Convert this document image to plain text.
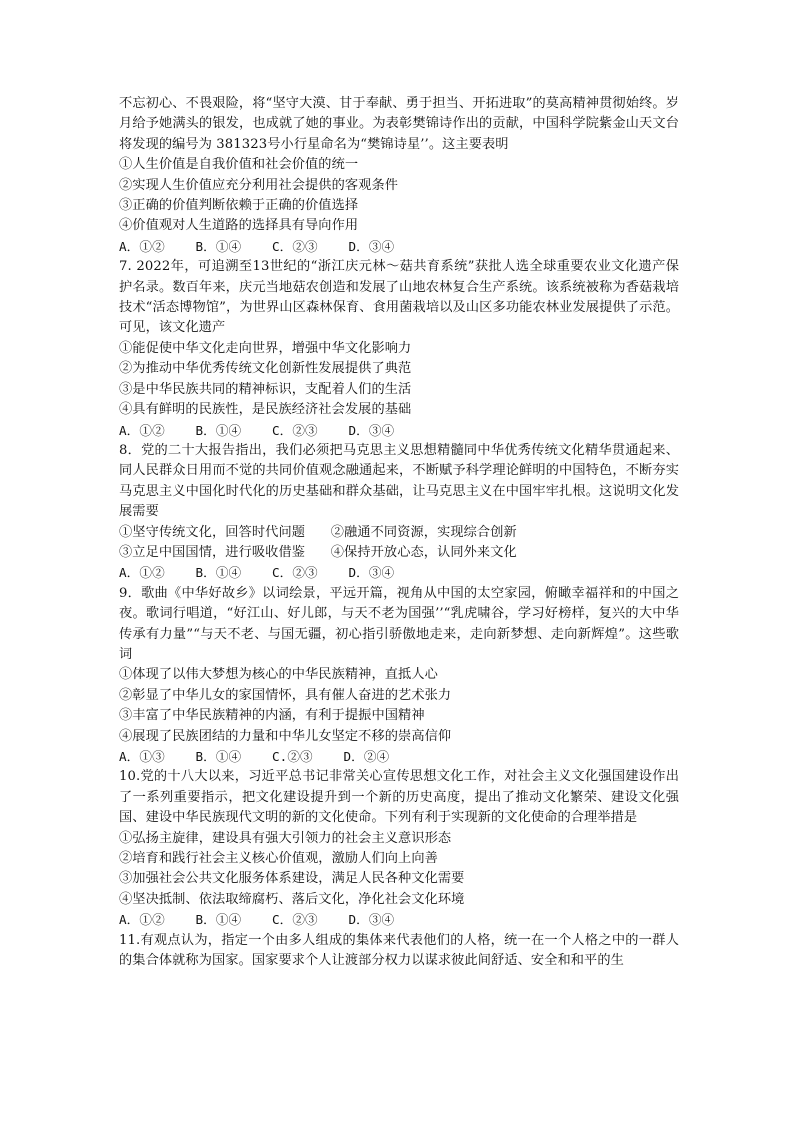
不忘初心、不畏艰险，将“坚守大漠、甘于奉献、勇于担当、开拓进取”的莫高精神贯彻始终。岁月给予她满头的银发，也成就了她的事业。为表彰樊锦诗作出的贡献，中国科学院紫金山天文台将发现的编号为 381323号小行星命名为“樊锦诗星’’。这主要表明

①人生价值是自我价值和社会价值的统一

②实现人生价值应充分利用社会提供的客观条件

③正确的价值判断依赖于正确的价值选择

④价值观对人生道路的选择具有导向作用

A．①②    B．①④    C．②③    D．③④

7. 2022年，可追溯至13世纪的“浙江庆元林～菇共育系统”获批人选全球重要农业文化遗产保护名录。数百年来，庆元当地菇农创造和发展了山地农林复合生产系统。该系统被称为香菇栽培技术“活态博物馆”，为世界山区森林保育、食用菌栽培以及山区多功能农林业发展提供了示范。可见，该文化遗产

①能促使中华文化走向世界，增强中华文化影响力

②为推动中华优秀传统文化创新性发展提供了典范

③是中华民族共同的精神标识，支配着人们的生活

④具有鲜明的民族性，是民族经济社会发展的基础

A．①②    B．①④    C．②③    D．③④

8．党的二十大报告指出，我们必须把马克思主义思想精髓同中华优秀传统文化精华贯通起来、同人民群众日用而不觉的共同价值观念融通起来，不断赋予科学理论鲜明的中国特色，不断夯实马克思主义中国化时代化的历史基础和群众基础，让马克思主义在中国牢牢扎根。这说明文化发展需要

①坚守传统文化，回答时代问题      ②融通不同资源，实现综合创新

③立足中国国情，进行吸收借鉴      ④保持开放心态，认同外来文化

A．①②    B．①④    C．②③    D．③④

9．歌曲《中华好故乡》以词绘景，平远开篇，视角从中国的太空家园，俯瞰幸福祥和的中国之夜。歌词行唱道，“好江山、好儿郎，与天不老为国强’’“乳虎啸谷，学习好榜样，复兴的大中华传承有力量”“与天不老、与国无疆，初心指引骄傲地走来，走向新梦想、走向新辉煌”。这些歌词

①体现了以伟大梦想为核心的中华民族精神，直抵人心

②彰显了中华儿女的家国情怀，具有催人奋进的艺术张力

③丰富了中华民族精神的内涵，有利于提振中国精神

④展现了民族团结的力量和中华儿女坚定不移的崇高信仰

A．①③    B．①④    C.②③    D．②④

10.党的十八大以来，习近平总书记非常关心宣传思想文化工作，对社会主义文化强国建设作出了一系列重要指示，把文化建设提升到一个新的历史高度，提出了推动文化繁荣、建设文化强国、建设中华民族现代文明的新的文化使命。下列有利于实现新的文化使命的合理举措是

①弘扬主旋律，建设具有强大引领力的社会主义意识形态

②培育和践行社会主义核心价值观，激励人们向上向善

③加强社会公共文化服务体系建设，满足人民各种文化需要

④坚决抵制、依法取缔腐朽、落后文化，净化社会文化环境

A．①②    B．①④    C．②③    D．③④

11.有观点认为，指定一个由多人组成的集体来代表他们的人格，统一在一个人格之中的一群人的集合体就称为国家。国家要求个人让渡部分权力以谋求彼此间舒适、安全和和平的生
